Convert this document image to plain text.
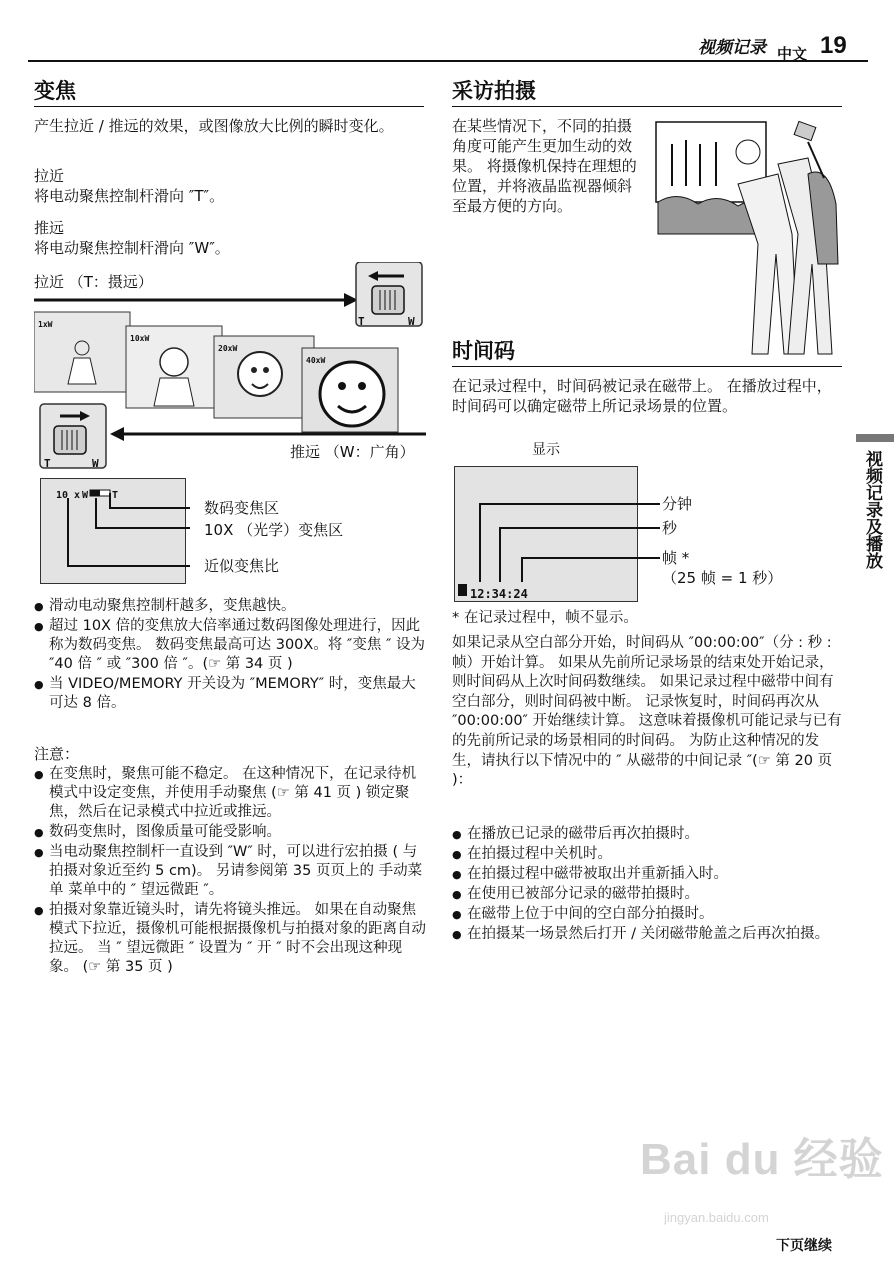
视频记录 中文 19
变焦

产生拉近 / 推远的效果，或图像放大比例的瞬时变化。

拉近

将电动聚焦控制杆滑向 ″T″。

推远

将电动聚焦控制杆滑向 ″W″。

拉近 （T：摄远）

T	W
T	W
1xW
10xW
20xW
40xW

推远 （W：广角）

10 x W T

数码变焦区

10X （光学）变焦区

近似变焦比

● 滑动电动聚焦控制杆越多，变焦越快。
● 超过 10X 倍的变焦放大倍率通过数码图像处理进行，因此称为数码变焦。 数码变焦最高可达 300X。将 ″变焦 ″ 设为 ″40 倍 ″ 或 ″300 倍 ″。(☞ 第 34 页 )
● 当 VIDEO/MEMORY 开关设为 ″MEMORY″ 时，变焦最大可达 8 倍。

注意：

● 在变焦时，聚焦可能不稳定。 在这种情况下，在记录待机模式中设定变焦，并使用手动聚焦 (☞ 第 41 页 ) 锁定聚焦，然后在记录模式中拉近或推远。
● 数码变焦时，图像质量可能受影响。
● 当电动聚焦控制杆一直设到 ″W″ 时，可以进行宏拍摄 ( 与拍摄对象近至约 5 cm)。 另请参阅第 35 页页上的 手动菜单 菜单中的 ″ 望远微距 ″。
● 拍摄对象靠近镜头时，请先将镜头推远。 如果在自动聚焦模式下拉近，摄像机可能根据摄像机与拍摄对象的距离自动拉远。 当 ″ 望远微距 ″ 设置为 ″ 开 ″ 时不会出现这种现象。 (☞ 第 35 页 )
采访拍摄

在某些情况下，不同的拍摄角度可能产生更加生动的效果。 将摄像机保持在理想的位置，并将液晶监视器倾斜至最方便的方向。

时间码

在记录过程中，时间码被记录在磁带上。 在播放过程中，时间码可以确定磁带上所记录场景的位置。

显示

12:34:24

分钟

秒

帧 *

（25 帧 = 1 秒）

* 在记录过程中，帧不显示。

如果记录从空白部分开始，时间码从 ″00:00:00″（分 : 秒 : 帧）开始计算。 如果从先前所记录场景的结束处开始记录，则时间码从上次时间码数继续。 如果记录过程中磁带中间有空白部分，则时间码被中断。 记录恢复时，时间码再次从 ″00:00:00″ 开始继续计算。 这意味着摄像机可能记录与已有的先前所记录的场景相同的时间码。 为防止这种情况的发生，请执行以下情况中的 ″ 从磁带的中间记录 ″(☞ 第 20 页 )：

● 在播放已记录的磁带后再次拍摄时。
● 在拍摄过程中关机时。
● 在拍摄过程中磁带被取出并重新插入时。
● 在使用已被部分记录的磁带拍摄时。
● 在磁带上位于中间的空白部分拍摄时。
● 在拍摄某一场景然后打开 / 关闭磁带舱盖之后再次拍摄。
视频记录及播放
Bai du 经验
jingyan.baidu.com
下页继续
